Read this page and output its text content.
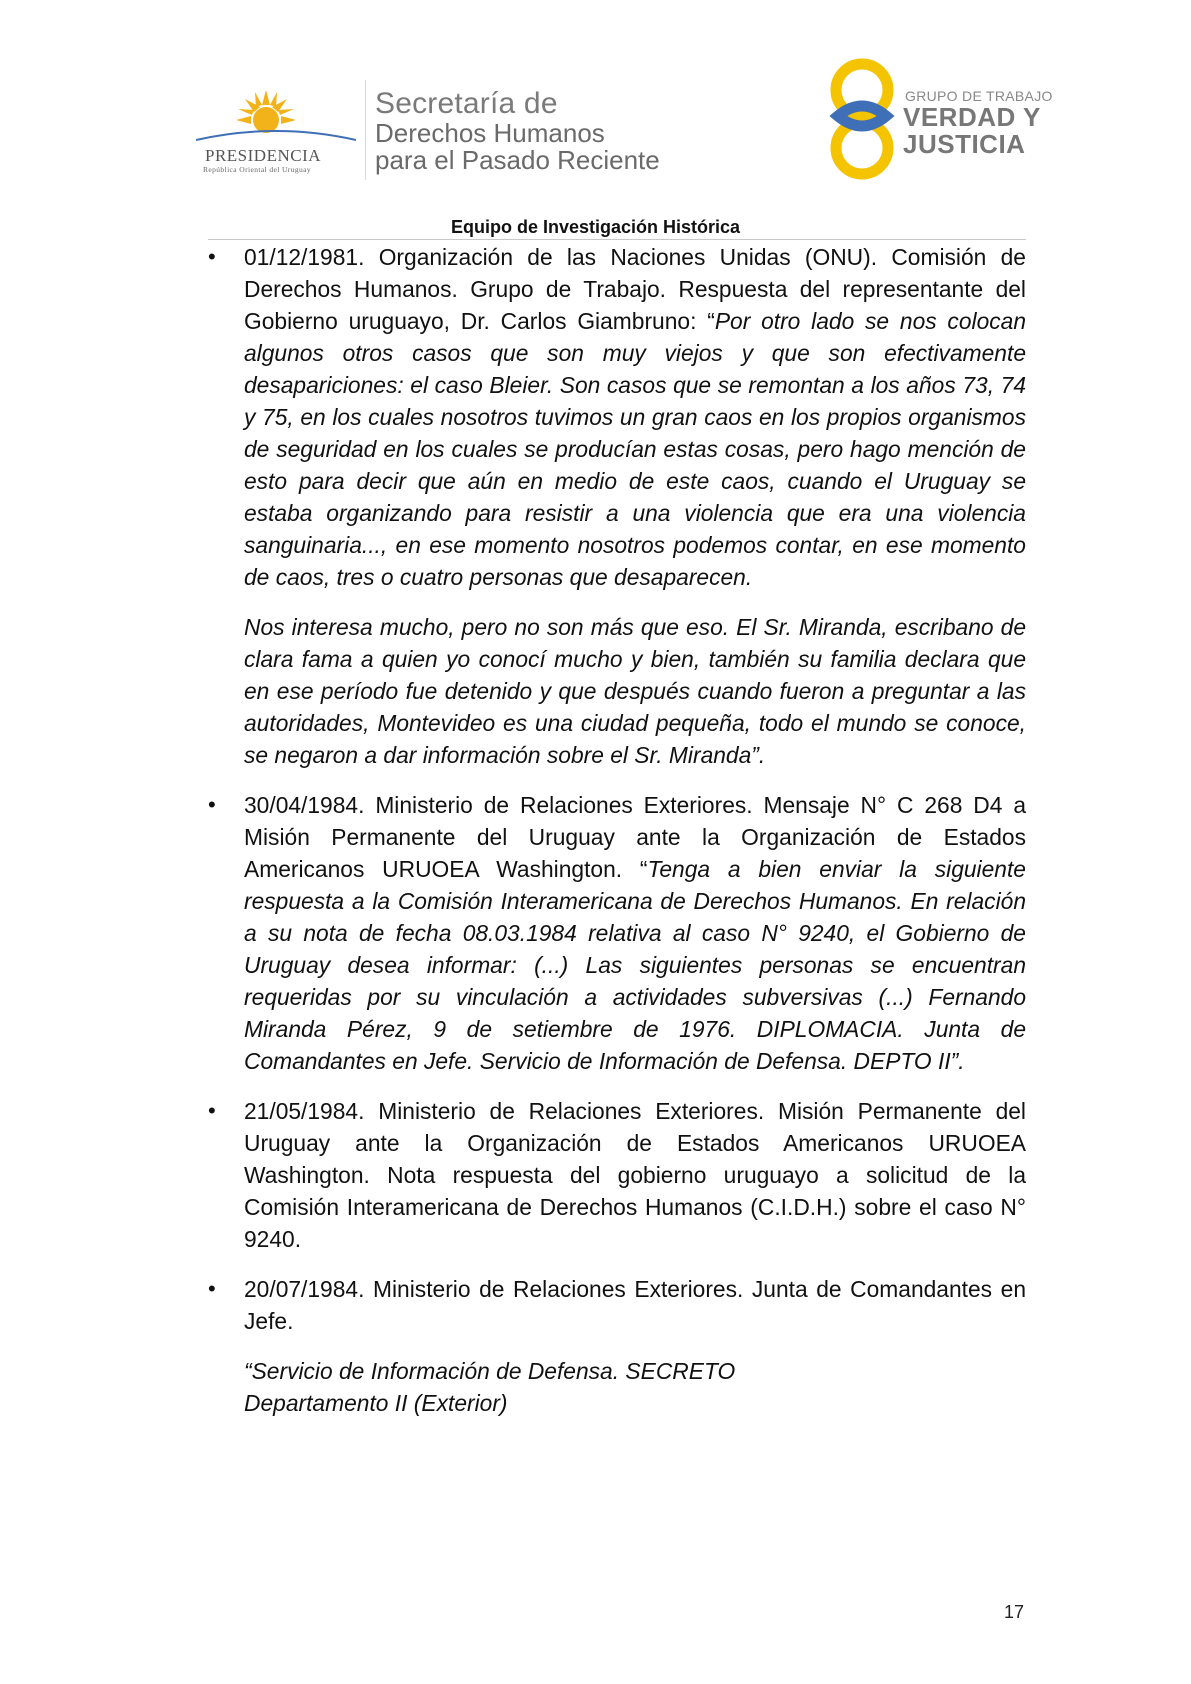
PRESIDENCIA
República Oriental del Uruguay
Secretaría de
Derechos Humanos
para el Pasado Reciente
GRUPO DE TRABAJO
VERDAD Y
JUSTICIA
Equipo de Investigación Histórica
• 01/12/1981. Organización de las Naciones Unidas (ONU). Comisión de Derechos Humanos. Grupo de Trabajo. Respuesta del representante del Gobierno uruguayo, Dr. Carlos Giambruno: “Por otro lado se nos colocan algunos otros casos que son muy viejos y que son efectivamente desapariciones: el caso Bleier. Son casos que se remontan a los años 73, 74 y 75, en los cuales nosotros tuvimos un gran caos en los propios organismos de seguridad en los cuales se producían estas cosas, pero hago mención de esto para decir que aún en medio de este caos, cuando el Uruguay se estaba organizando para resistir a una violencia que era una violencia sanguinaria..., en ese momento nosotros podemos contar, en ese momento de caos, tres o cuatro personas que desaparecen.

Nos interesa mucho, pero no son más que eso. El Sr. Miranda, escribano de clara fama a quien yo conocí mucho y bien, también su familia declara que en ese período fue detenido y que después cuando fueron a preguntar a las autoridades, Montevideo es una ciudad pequeña, todo el mundo se conoce, se negaron a dar información sobre el Sr. Miranda”.

• 30/04/1984. Ministerio de Relaciones Exteriores. Mensaje N° C 268 D4 a Misión Permanente del Uruguay ante la Organización de Estados Americanos URUOEA Washington. “Tenga a bien enviar la siguiente respuesta a la Comisión Interamericana de Derechos Humanos. En relación a su nota de fecha 08.03.1984 relativa al caso N° 9240, el Gobierno de Uruguay desea informar: (...) Las siguientes personas se encuentran requeridas por su vinculación a actividades subversivas (...) Fernando Miranda Pérez, 9 de setiembre de 1976. DIPLOMACIA. Junta de Comandantes en Jefe. Servicio de Información de Defensa. DEPTO II”.

• 21/05/1984. Ministerio de Relaciones Exteriores. Misión Permanente del Uruguay ante la Organización de Estados Americanos URUOEA Washington. Nota respuesta del gobierno uruguayo a solicitud de la Comisión Interamericana de Derechos Humanos (C.I.D.H.) sobre el caso N° 9240.

• 20/07/1984. Ministerio de Relaciones Exteriores. Junta de Comandantes en Jefe.

“Servicio de Información de Defensa. SECRETO
Departamento II (Exterior)

17
